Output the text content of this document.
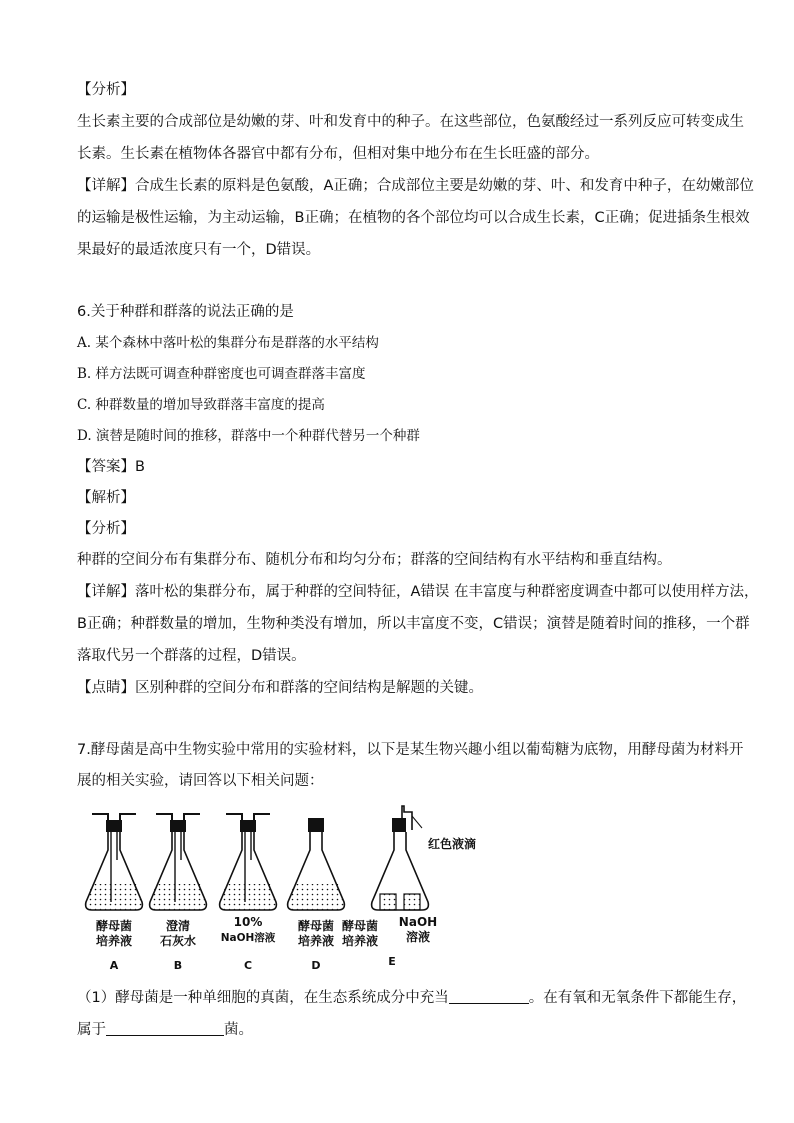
【分析】
生长素主要的合成部位是幼嫩的芽、叶和发育中的种子。在这些部位，色氨酸经过一系列反应可转变成生
长素。生长素在植物体各器官中都有分布，但相对集中地分布在生长旺盛的部分。
【详解】合成生长素的原料是色氨酸，A正确；合成部位主要是幼嫩的芽、叶、和发育中种子，在幼嫩部位
的运输是极性运输，为主动运输，B正确；在植物的各个部位均可以合成生长素，C正确；促进插条生根效
果最好的最适浓度只有一个，D错误。
6.关于种群和群落的说法正确的是
A. 某个森林中落叶松的集群分布是群落的水平结构
B. 样方法既可调查种群密度也可调查群落丰富度
C. 种群数量的增加导致群落丰富度的提高
D. 演替是随时间的推移，群落中一个种群代替另一个种群
【答案】B
【解析】
【分析】
种群的空间分布有集群分布、随机分布和均匀分布；群落的空间结构有水平结构和垂直结构。
【详解】落叶松的集群分布，属于种群的空间特征，A错误 在丰富度与种群密度调查中都可以使用样方法，
B正确；种群数量的增加，生物种类没有增加，所以丰富度不变，C错误；演替是随着时间的推移，一个群
落取代另一个群落的过程，D错误。
【点睛】区别种群的空间分布和群落的空间结构是解题的关键。
7.酵母菌是高中生物实验中常用的实验材料，以下是某生物兴趣小组以葡萄糖为底物，用酵母菌为材料开
展的相关实验，请回答以下相关问题：
酵母菌
培养液
A
澄清
石灰水
B
10%
NaOH溶液
C
酵母菌
培养液
D
红色液滴
酵母菌
培养液
NaOH
溶液
E
（1）酵母菌是一种单细胞的真菌，在生态系统成分中充当	。在有氧和无氧条件下都能生存，
属于	菌。
